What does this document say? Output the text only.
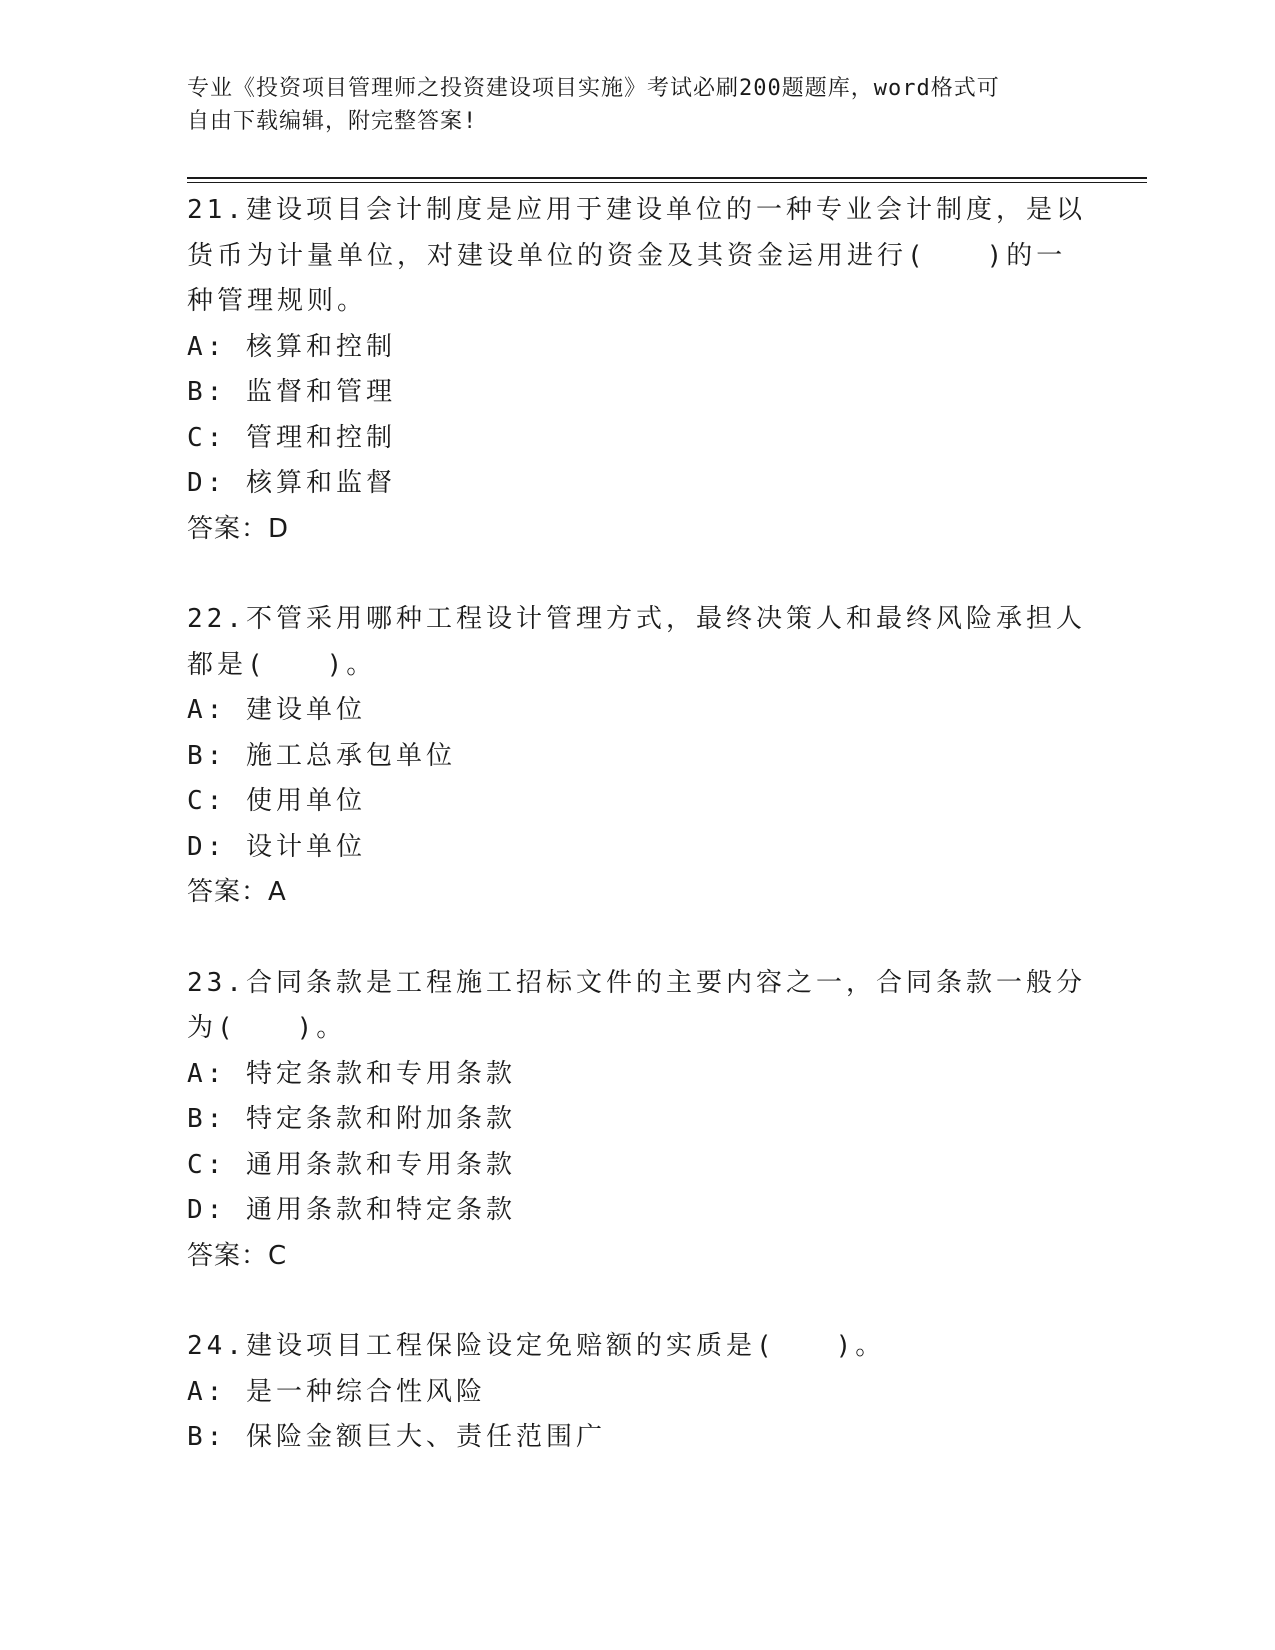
专业《投资项目管理师之投资建设项目实施》考试必刷200题题库，word格式可
自由下载编辑，附完整答案!

21.建设项目会计制度是应用于建设单位的一种专业会计制度，是以货币为计量单位，对建设单位的资金及其资金运用进行(　　)的一种管理规则。

A: 核算和控制

B: 监督和管理

C: 管理和控制

D: 核算和监督

答案：D

22.不管采用哪种工程设计管理方式，最终决策人和最终风险承担人都是(　　)。

A: 建设单位

B: 施工总承包单位

C: 使用单位

D: 设计单位

答案：A

23.合同条款是工程施工招标文件的主要内容之一，合同条款一般分为(　　)。

A: 特定条款和专用条款

B: 特定条款和附加条款

C: 通用条款和专用条款

D: 通用条款和特定条款

答案：C

24.建设项目工程保险设定免赔额的实质是(　　)。

A: 是一种综合性风险

B: 保险金额巨大、责任范围广
